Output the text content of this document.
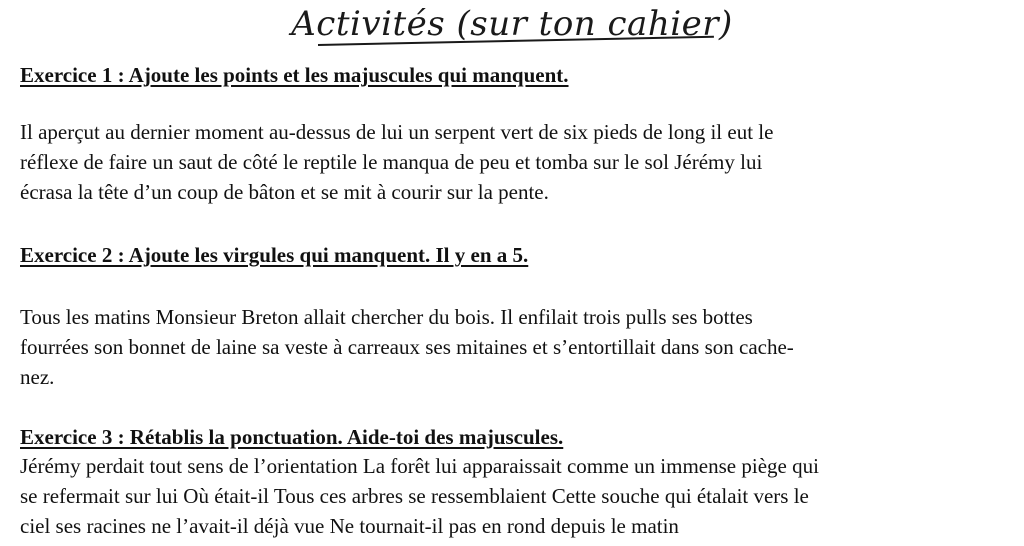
Activités (sur ton cahier)
Exercice 1 : Ajoute les points et les majuscules qui manquent.
Il aperçut au dernier moment au-dessus de lui un serpent vert de six pieds de long il eut le
réflexe de faire un saut de côté le reptile le manqua de peu et tomba sur le sol Jérémy lui
écrasa la tête d’un coup de bâton et se mit à courir sur la pente.
Exercice 2 : Ajoute les virgules qui manquent. Il y en a 5.
Tous les matins Monsieur Breton allait chercher du bois. Il enfilait trois pulls ses bottes
fourrées son bonnet de laine sa veste à carreaux ses mitaines et s’entortillait dans son cache-
nez.
Exercice 3 : Rétablis la ponctuation. Aide-toi des majuscules.
Jérémy perdait tout sens de l’orientation La forêt lui apparaissait comme un immense piège qui
se refermait sur lui Où était-il Tous ces arbres se ressemblaient Cette souche qui étalait vers le
ciel ses racines ne l’avait-il déjà vue Ne tournait-il pas en rond depuis le matin
